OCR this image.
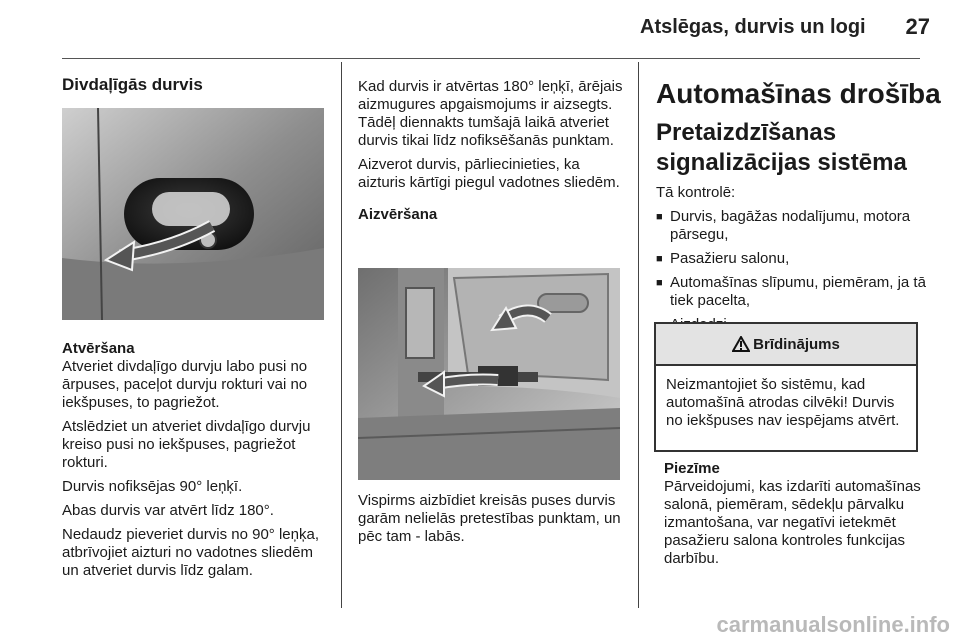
Atslēgas, durvis un logi	27
Divdaļīgās durvis
Atvēršana

Atveriet divdaļīgo durvju labo pusi no ārpuses, paceļot durvju rokturi vai no iekšpuses, to pagriežot.

Atslēdziet un atveriet divdaļīgo durvju kreiso pusi no iekšpuses, pagriežot rokturi.

Durvis nofiksējas 90° leņķī.

Abas durvis var atvērt līdz 180°.

Nedaudz pieveriet durvis no 90° leņķa, atbrīvojiet aizturi no vadotnes sliedēm un atveriet durvis līdz galam.

Kad durvis ir atvērtas 180° leņķī, ārējais aizmugures apgaismojums ir aizsegts. Tādēļ diennakts tumšajā laikā atveriet durvis tikai līdz nofiksēšanās punktam.

Aizverot durvis, pārliecinieties, ka aizturis kārtīgi piegul vadotnes sliedēm.

Aizvēršana

Vispirms aizbīdiet kreisās puses durvis garām nelielās pretestības punktam, un pēc tam - labās.

Automašīnas drošība
Pretaizdzīšanas signalizācijas sistēma

Tā kontrolē:

■ Durvis, bagāžas nodalījumu, motora pārsegu,
■ Pasažieru salonu,
■ Automašīnas slīpumu, piemēram, ja tā tiek pacelta,
■
Brīdinājums
Neizmantojiet šo sistēmu, kad automašīnā atrodas cilvēki! Durvis no iekšpuses nav iespējams atvērt.
Piezīme
Pārveidojumi, kas izdarīti automašīnas salonā, piemēram, sēdekļu pārvalku izmantošana, var negatīvi ietekmēt pasažieru salona kontroles funkcijas darbību.
carmanualsonline.info
